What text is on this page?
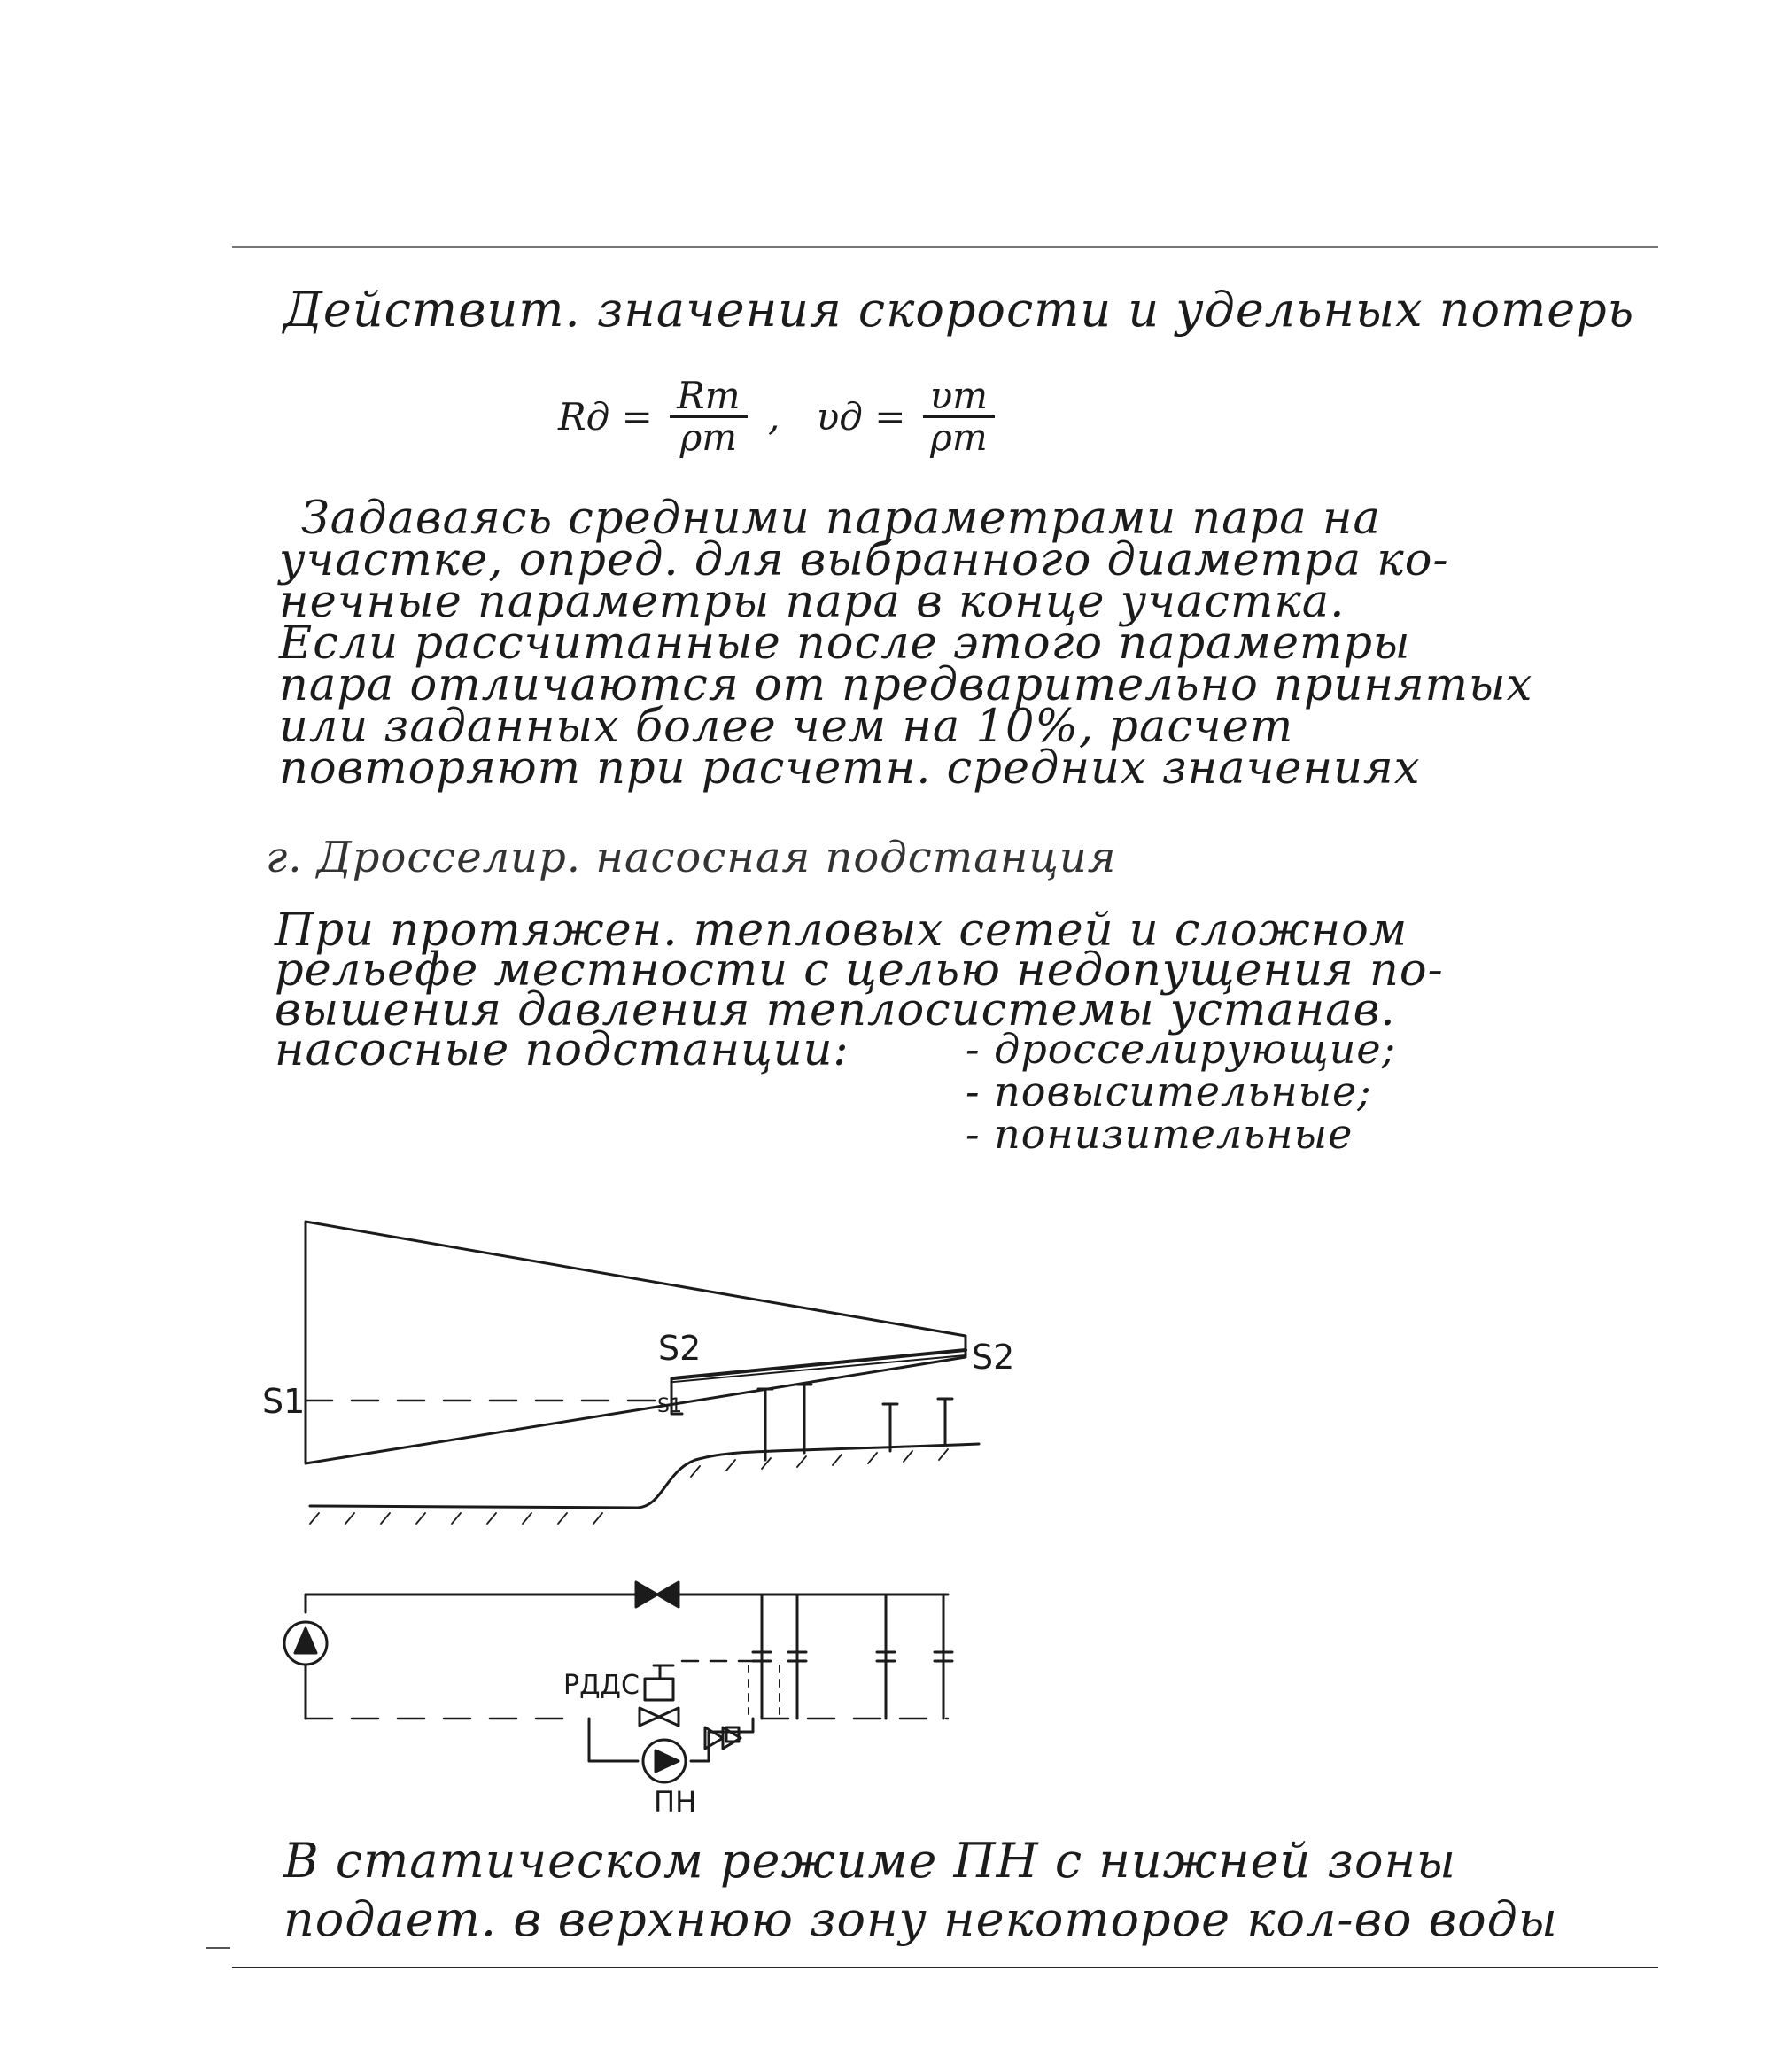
Действит. значения скорости и удельных потерь
Rд = $\frac{Rт}{\rho т}$ , $\upsilon д = \frac{\upsilon т}{\rho т}$
Задаваясь средними параметрами пара на
участке, опред. для выбранного диаметра ко-
нечные параметры пара в конце участка.
Если рассчитанные после этого параметры
пара отличаются от предварительно принятых
или заданных более чем на 10%, расчет
повторяют при расчетн. средних значениях
г. Дросселир. насосная подстанция
При протяжен. тепловых сетей и сложном
рельефе местности с целью недопущения по-
вышения давления теплосистемы устанав.
насосные подстанции:	- дросселирующие;
- повысительные;
- понизительные
S1
S2
S1
S2
РДДС
ПН
В статическом режиме ПН с нижней зоны
подает. в верхнюю зону некоторое кол-во воды
